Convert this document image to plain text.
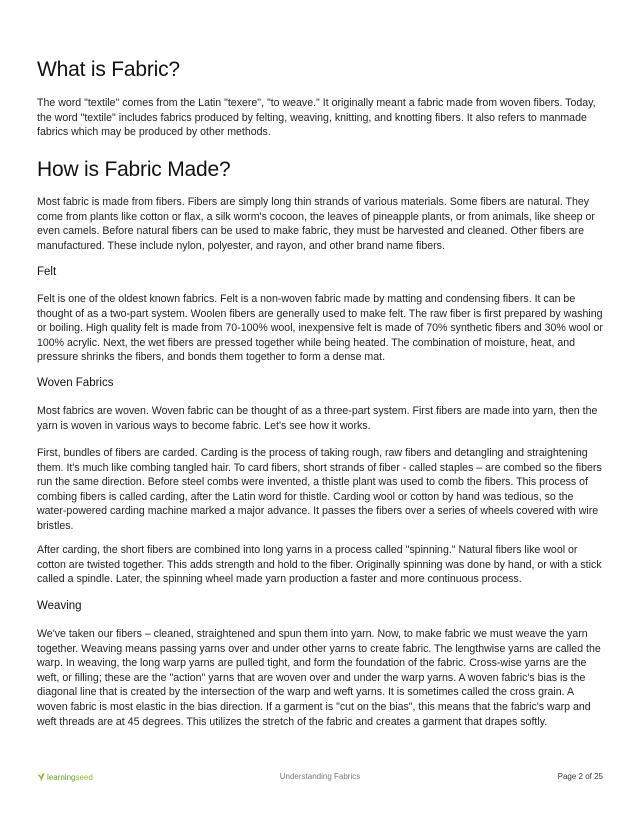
What is Fabric?

The word "textile" comes from the Latin "texere", "to weave." It originally meant a fabric made from woven fibers. Today, the word "textile" includes fabrics produced by felting, weaving, knitting, and knotting fibers. It also refers to manmade fabrics which may be produced by other methods.

How is Fabric Made?

Most fabric is made from fibers. Fibers are simply long thin strands of various materials. Some fibers are natural. They come from plants like cotton or flax, a silk worm's cocoon, the leaves of pineapple plants, or from animals, like sheep or even camels. Before natural fibers can be used to make fabric, they must be harvested and cleaned. Other fibers are manufactured. These include nylon, polyester, and rayon, and other brand name fibers.

Felt

Felt is one of the oldest known fabrics. Felt is a non-woven fabric made by matting and condensing fibers. It can be thought of as a two-part system. Woolen fibers are generally used to make felt. The raw fiber is first prepared by washing or boiling. High quality felt is made from 70-100% wool, inexpensive felt is made of 70% synthetic fibers and 30% wool or 100% acrylic. Next, the wet fibers are pressed together while being heated. The combination of moisture, heat, and pressure shrinks the fibers, and bonds them together to form a dense mat.

Woven Fabrics

Most fabrics are woven. Woven fabric can be thought of as a three-part system. First fibers are made into yarn, then the yarn is woven in various ways to become fabric. Let's see how it works.

First, bundles of fibers are carded. Carding is the process of taking rough, raw fibers and detangling and straightening them. It's much like combing tangled hair. To card fibers, short strands of fiber - called staples – are combed so the fibers run the same direction. Before steel combs were invented, a thistle plant was used to comb the fibers. This process of combing fibers is called carding, after the Latin word for thistle. Carding wool or cotton by hand was tedious, so the water-powered carding machine marked a major advance. It passes the fibers over a series of wheels covered with wire bristles.

After carding, the short fibers are combined into long yarns in a process called "spinning." Natural fibers like wool or cotton are twisted together. This adds strength and hold to the fiber. Originally spinning was done by hand, or with a stick called a spindle. Later, the spinning wheel made yarn production a faster and more continuous process.

Weaving

We've taken our fibers – cleaned, straightened and spun them into yarn. Now, to make fabric we must weave the yarn together. Weaving means passing yarns over and under other yarns to create fabric. The lengthwise yarns are called the warp. In weaving, the long warp yarns are pulled tight, and form the foundation of the fabric. Cross-wise yarns are the weft, or filling; these are the "action" yarns that are woven over and under the warp yarns. A woven fabric's bias is the diagonal line that is created by the intersection of the warp and weft yarns. It is sometimes called the cross grain. A woven fabric is most elastic in the bias direction. If a garment is "cut on the bias", this means that the fabric's warp and weft threads are at 45 degrees. This utilizes the stretch of the fabric and creates a garment that drapes softly.

learningseed	Understanding Fabrics	Page 2 of 25
